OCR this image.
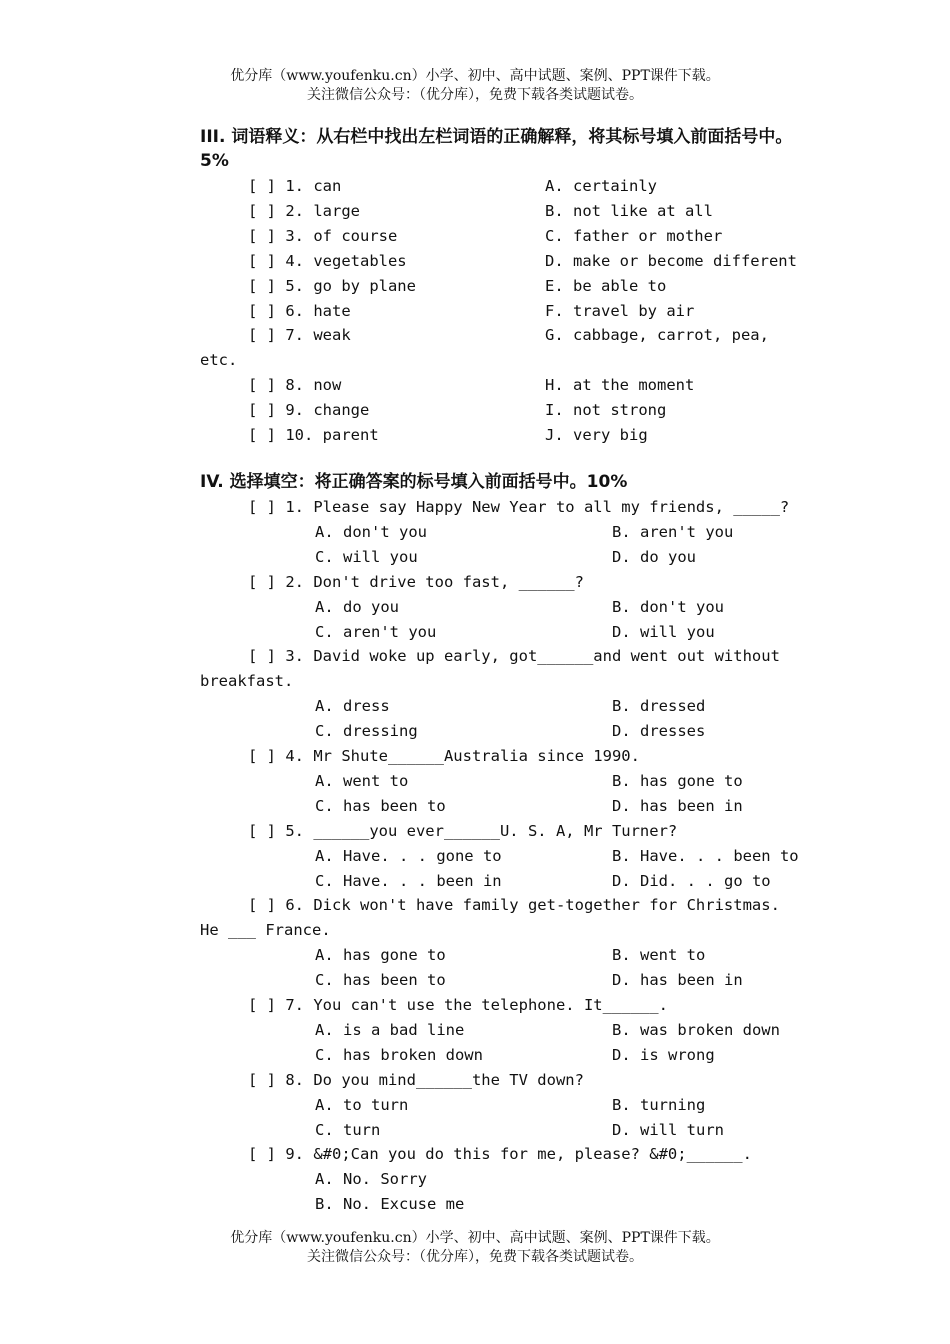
优分库（www.youfenku.cn）小学、初中、高中试题、案例、PPT课件下载。
关注微信公众号：（优分库），免费下载各类试题试卷。
III. 词语释义：从右栏中找出左栏词语的正确解释，将其标号填入前面括号中。5%
[ ] 1. can	A. certainly
[ ] 2. large	B. not like at all
[ ] 3. of course	C. father or mother
[ ] 4. vegetables	D. make or become different
[ ] 5. go by plane	E. be able to
[ ] 6. hate	F. travel by air
[ ] 7. weak	G. cabbage, carrot, pea,
etc.
[ ] 8. now	H. at the moment
[ ] 9. change	I. not strong
[ ] 10. parent	J. very big
IV. 选择填空：将正确答案的标号填入前面括号中。10%
[ ] 1. Please say Happy New Year to all my friends, _____?
A. don't you	B. aren't you
C. will you	D. do you
[ ] 2. Don't drive too fast, ______?
A. do you	B. don't you
C. aren't you	D. will you
[ ] 3. David woke up early, got______and went out without
breakfast.
A. dress	B. dressed
C. dressing	D. dresses
[ ] 4. Mr Shute______Australia since 1990.
A. went to	B. has gone to
C. has been to	D. has been in
[ ] 5. ______you ever______U. S. A, Mr Turner?
A. Have. . . gone to	B. Have. . . been to
C. Have. . . been in	D. Did. . . go to
[ ] 6. Dick won't have family get-together for Christmas.
He ___ France.
A. has gone to	B. went to
C. has been to	D. has been in
[ ] 7. You can't use the telephone. It______.
A. is a bad line	B. was broken down
C. has broken down	D. is wrong
[ ] 8. Do you mind______the TV down?
A. to turn	B. turning
C. turn	D. will turn
[ ] 9. &#0;Can you do this for me, please? &#0;______.
A. No. Sorry
B. No. Excuse me
优分库（www.youfenku.cn）小学、初中、高中试题、案例、PPT课件下载。
关注微信公众号：（优分库），免费下载各类试题试卷。
